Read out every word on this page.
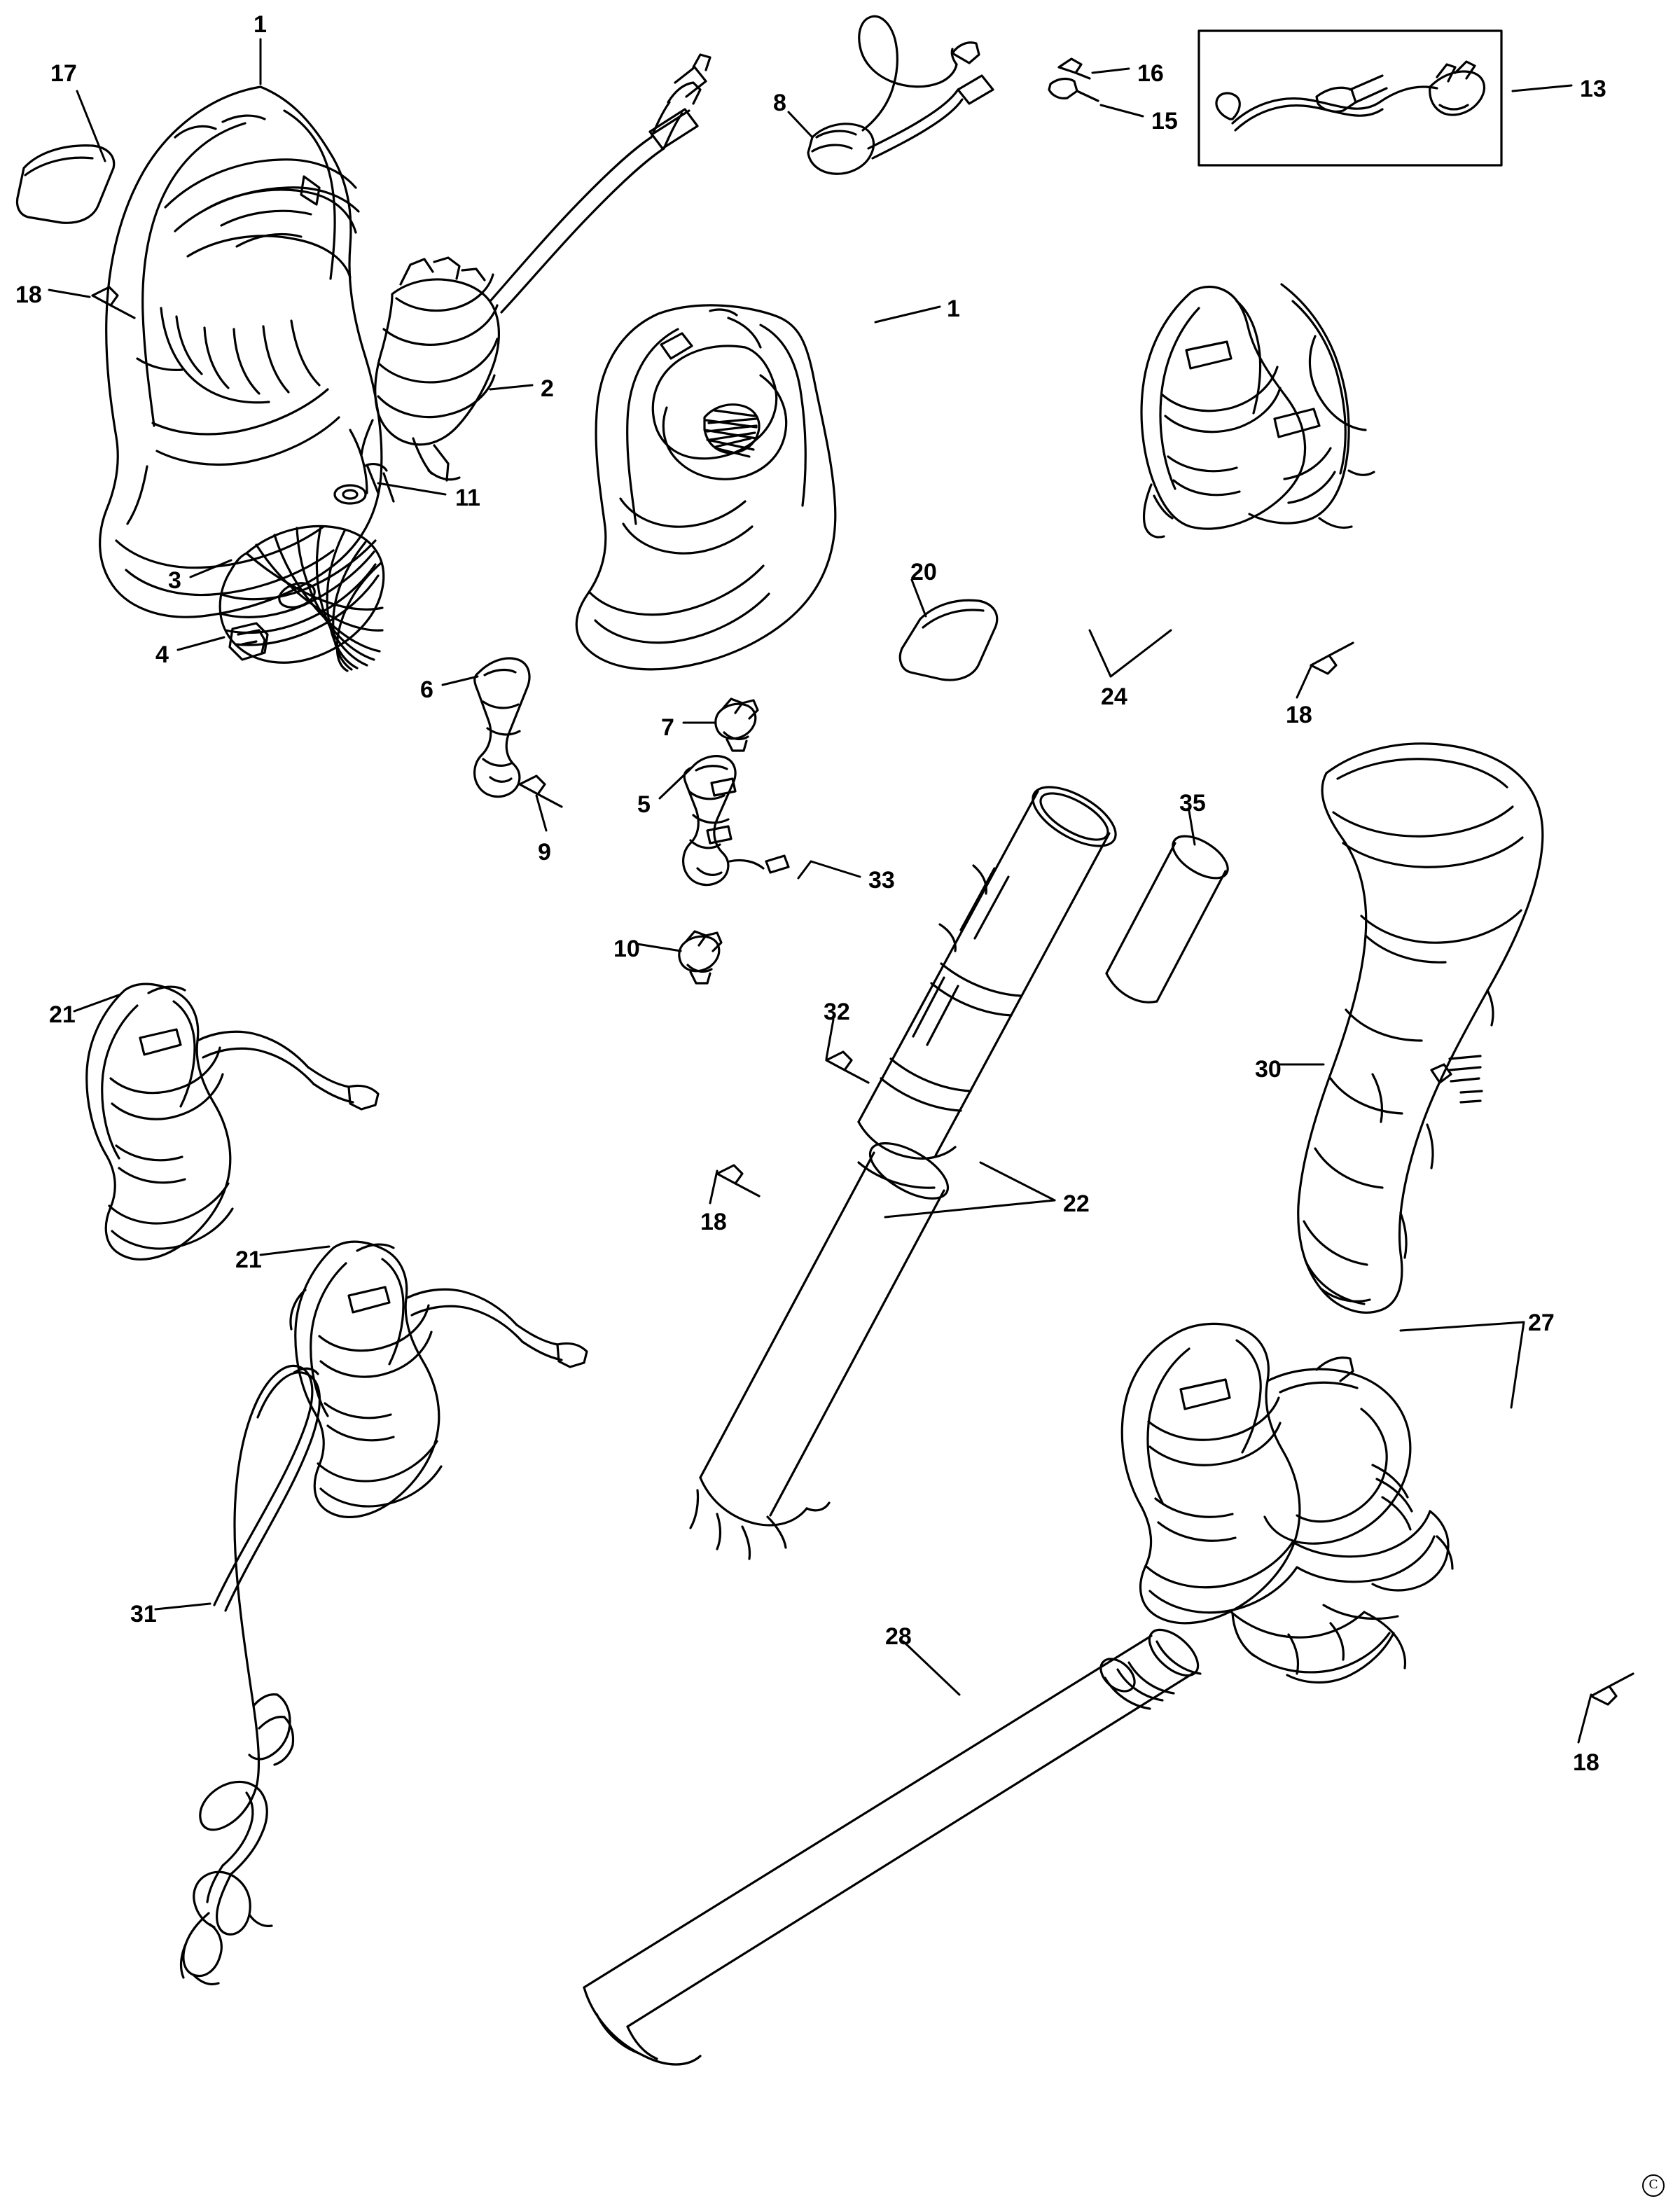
17
1
8
16
15
13
18
1
2
11
20
3
4
24
18
6
7
5
9
35
33
10
32
30
21
22
18
21
27
31
28
18
C
